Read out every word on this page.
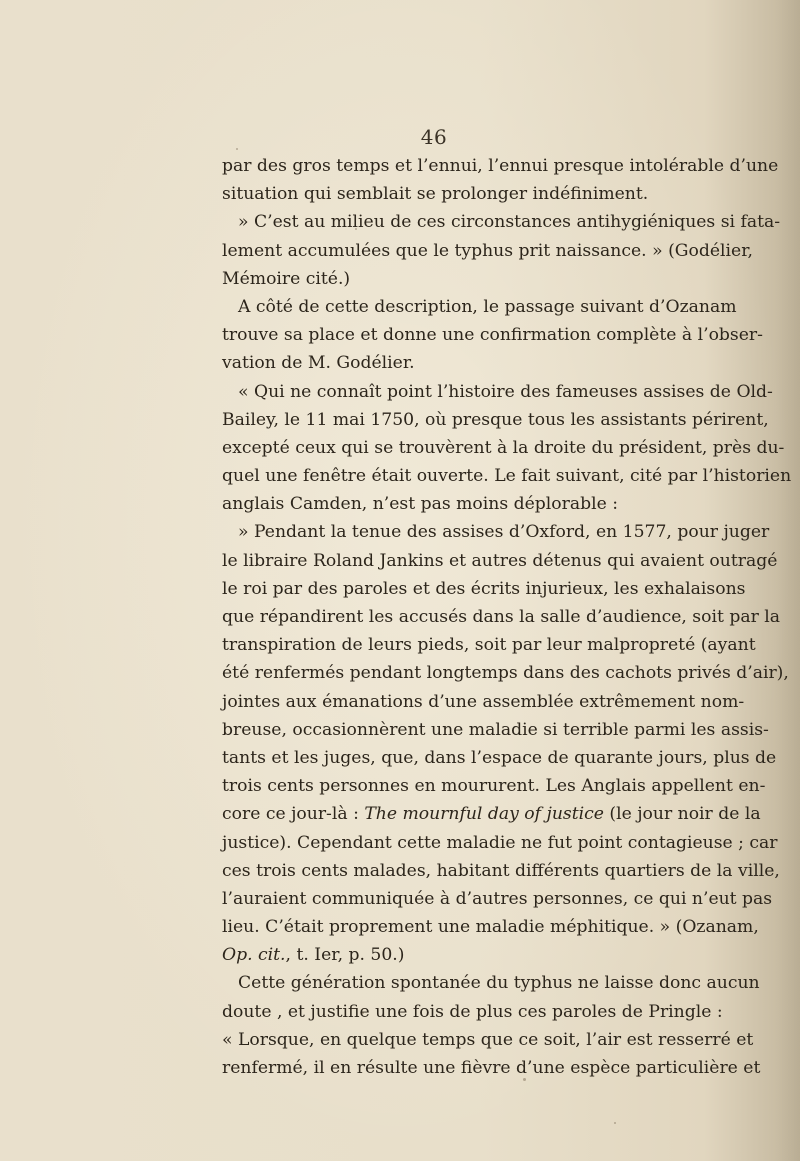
46
par des gros temps et l’ennui, l’ennui presque intolérable d’une
situation qui semblait se prolonger indéfiniment.
» C’est au milieu de ces circonstances antihygiéniques si fata-
lement accumulées que le typhus prit naissance. » (Godélier,
Mémoire cité.)
A côté de cette description, le passage suivant d’Ozanam
trouve sa place et donne une confirmation complète à l’obser-
vation de M. Godélier.
« Qui ne connaît point l’histoire des fameuses assises de Old-
Bailey, le 11 mai 1750, où presque tous les assistants périrent,
excepté ceux qui se trouvèrent à la droite du président, près du-
quel une fenêtre était ouverte. Le fait suivant, cité par l’historien
anglais Camden, n’est pas moins déplorable :
» Pendant la tenue des assises d’Oxford, en 1577, pour juger
le libraire Roland Jankins et autres détenus qui avaient outragé
le roi par des paroles et des écrits injurieux, les exhalaisons
que répandirent les accusés dans la salle d’audience, soit par la
transpiration de leurs pieds, soit par leur malpropreté (ayant
été renfermés pendant longtemps dans des cachots privés d’air),
jointes aux émanations d’une assemblée extrêmement nom-
breuse, occasionnèrent une maladie si terrible parmi les assis-
tants et les juges, que, dans l’espace de quarante jours, plus de
trois cents personnes en moururent. Les Anglais appellent en-
core ce jour-là : The mournful day of justice (le jour noir de la
justice). Cependant cette maladie ne fut point contagieuse ; car
ces trois cents malades, habitant différents quartiers de la ville,
l’auraient communiquée à d’autres personnes, ce qui n’eut pas
lieu. C’était proprement une maladie méphitique. » (Ozanam,
Op. cit., t. Ier, p. 50.)
Cette génération spontanée du typhus ne laisse donc aucun
doute , et justifie une fois de plus ces paroles de Pringle :
« Lorsque, en quelque temps que ce soit, l’air est resserré et
renfermé, il en résulte une fièvre d’une espèce particulière et
